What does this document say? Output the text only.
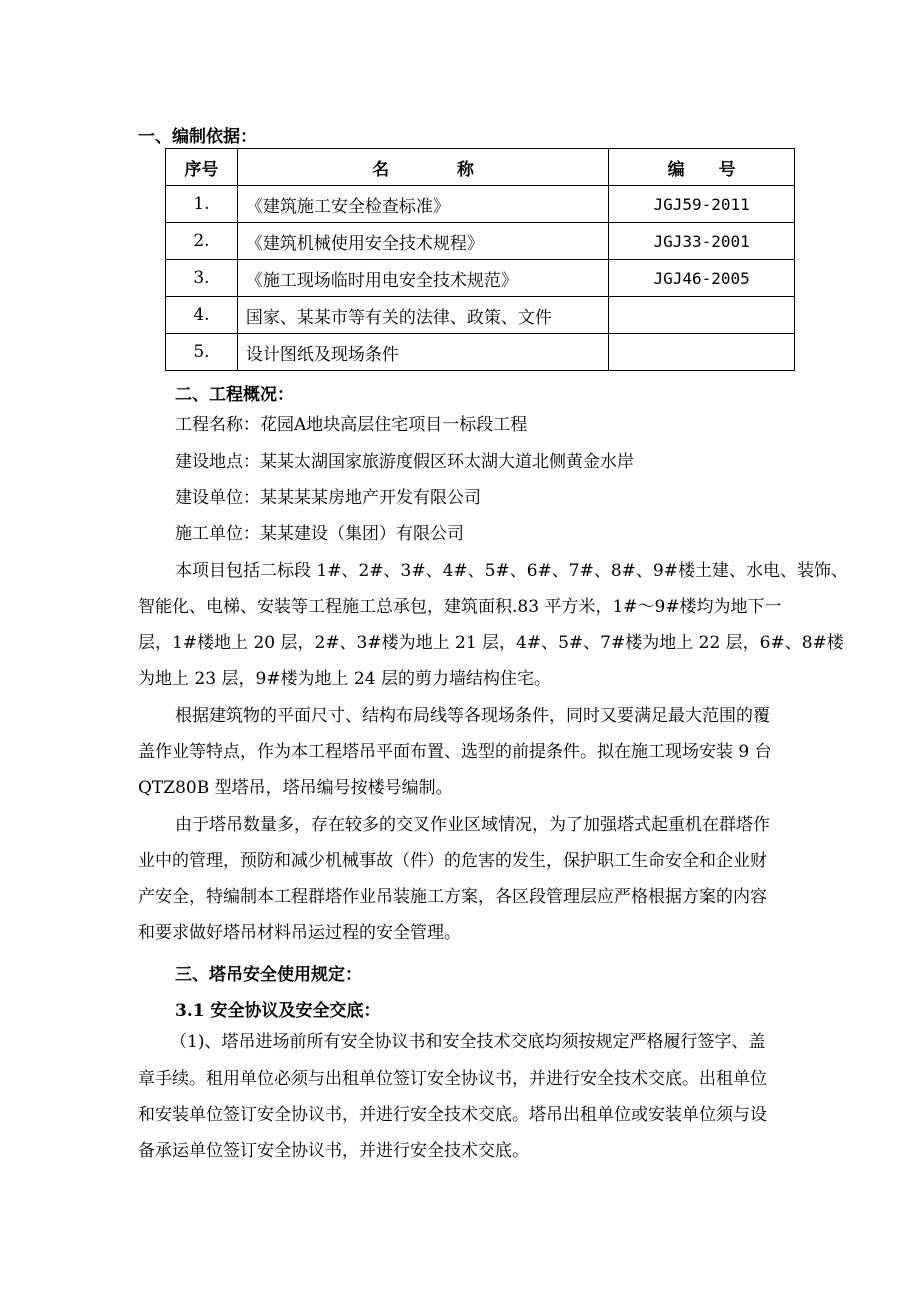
一、编制依据：
序号	名　　　　称	编　　号
1.	《建筑施工安全检查标准》	JGJ59-2011
2.	《建筑机械使用安全技术规程》	JGJ33-2001
3.	《施工现场临时用电安全技术规范》	JGJ46-2005
4.	国家、某某市等有关的法律、政策、文件	
5.	设计图纸及现场条件	
二、工程概况：
工程名称：花园A地块高层住宅项目一标段工程
建设地点：某某太湖国家旅游度假区环太湖大道北侧黄金水岸
建设单位：某某某某房地产开发有限公司
施工单位：某某建设（集团）有限公司
本项目包括二标段 1#、2#、3#、4#、5#、6#、7#、8#、9#楼土建、水电、装饰、
智能化、电梯、安装等工程施工总承包，建筑面积.83 平方米，1#～9#楼均为地下一
层，1#楼地上 20 层，2#、3#楼为地上 21 层，4#、5#、7#楼为地上 22 层，6#、8#楼
为地上 23 层，9#楼为地上 24 层的剪力墙结构住宅。
根据建筑物的平面尺寸、结构布局线等各现场条件，同时又要满足最大范围的覆
盖作业等特点，作为本工程塔吊平面布置、选型的前提条件。拟在施工现场安装 9 台
QTZ80B 型塔吊，塔吊编号按楼号编制。
由于塔吊数量多，存在较多的交叉作业区域情况，为了加强塔式起重机在群塔作
业中的管理，预防和减少机械事故（件）的危害的发生，保护职工生命安全和企业财
产安全，特编制本工程群塔作业吊装施工方案，各区段管理层应严格根据方案的内容
和要求做好塔吊材料吊运过程的安全管理。
三、塔吊安全使用规定：
3.1 安全协议及安全交底：
（1)、塔吊进场前所有安全协议书和安全技术交底均须按规定严格履行签字、盖
章手续。租用单位必须与出租单位签订安全协议书，并进行安全技术交底。出租单位
和安装单位签订安全协议书，并进行安全技术交底。塔吊出租单位或安装单位须与设
备承运单位签订安全协议书，并进行安全技术交底。
